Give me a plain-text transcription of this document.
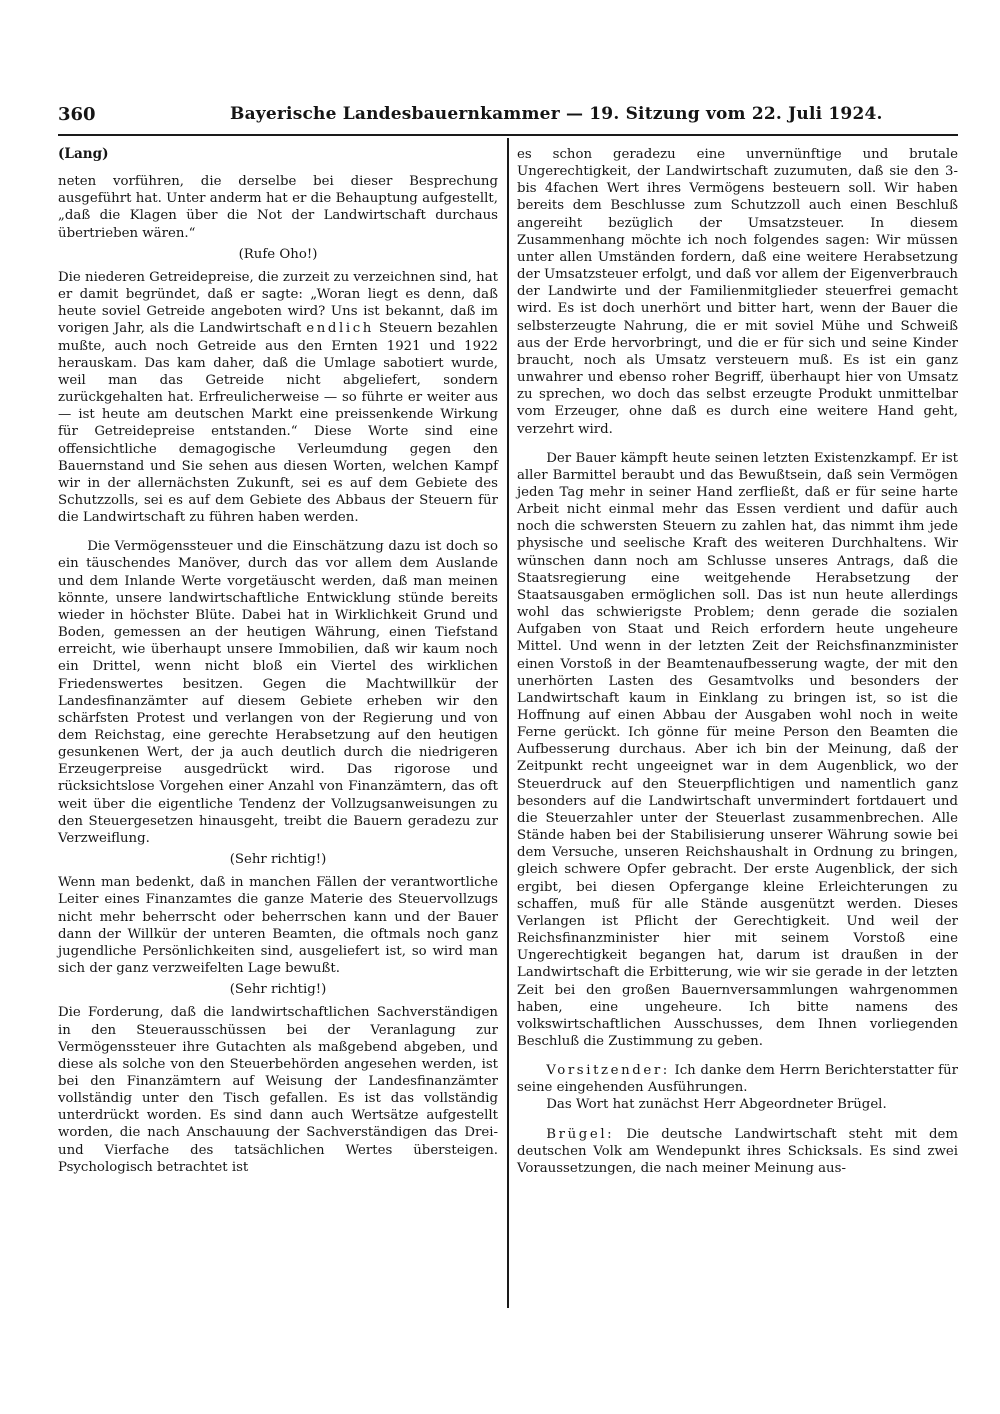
360	Bayerische Landesbauernkammer — 19. Sitzung vom 22. Juli 1924.

(Lang)

neten vorführen, die derselbe bei dieser Besprechung ausgeführt hat. Unter anderm hat er die Behauptung aufgestellt, „daß die Klagen über die Not der Landwirtschaft durchaus übertrieben wären.“

(Rufe Oho!)

Die niederen Getreidepreise, die zurzeit zu verzeichnen sind, hat er damit begründet, daß er sagte: „Woran liegt es denn, daß heute soviel Getreide angeboten wird? Uns ist bekannt, daß im vorigen Jahr, als die Landwirtschaft endlich Steuern bezahlen mußte, auch noch Getreide aus den Ernten 1921 und 1922 herauskam. Das kam daher, daß die Umlage sabotiert wurde, weil man das Getreide nicht abgeliefert, sondern zurückgehalten hat. Erfreulicherweise — so führte er weiter aus — ist heute am deutschen Markt eine preissenkende Wirkung für Getreidepreise entstanden.“ Diese Worte sind eine offensichtliche demagogische Verleumdung gegen den Bauernstand und Sie sehen aus diesen Worten, welchen Kampf wir in der allernächsten Zukunft, sei es auf dem Gebiete des Schutzzolls, sei es auf dem Gebiete des Abbaus der Steuern für die Landwirtschaft zu führen haben werden.

Die Vermögenssteuer und die Einschätzung dazu ist doch so ein täuschendes Manöver, durch das vor allem dem Auslande und dem Inlande Werte vorgetäuscht werden, daß man meinen könnte, unsere landwirtschaftliche Entwicklung stünde bereits wieder in höchster Blüte. Dabei hat in Wirklichkeit Grund und Boden, gemessen an der heutigen Währung, einen Tiefstand erreicht, wie überhaupt unsere Immobilien, daß wir kaum noch ein Drittel, wenn nicht bloß ein Viertel des wirklichen Friedenswertes besitzen. Gegen die Machtwillkür der Landesfinanzämter auf diesem Gebiete erheben wir den schärfsten Protest und verlangen von der Regierung und von dem Reichstag, eine gerechte Herabsetzung auf den heutigen gesunkenen Wert, der ja auch deutlich durch die niedrigeren Erzeugerpreise ausgedrückt wird. Das rigorose und rücksichtslose Vorgehen einer Anzahl von Finanzämtern, das oft weit über die eigentliche Tendenz der Vollzugsanweisungen zu den Steuergesetzen hinausgeht, treibt die Bauern geradezu zur Verzweiflung.

(Sehr richtig!)

Wenn man bedenkt, daß in manchen Fällen der verantwortliche Leiter eines Finanzamtes die ganze Materie des Steuervollzugs nicht mehr beherrscht oder beherrschen kann und der Bauer dann der Willkür der unteren Beamten, die oftmals noch ganz jugendliche Persönlichkeiten sind, ausgeliefert ist, so wird man sich der ganz verzweifelten Lage bewußt.

(Sehr richtig!)

Die Forderung, daß die landwirtschaftlichen Sachverständigen in den Steuerausschüssen bei der Veranlagung zur Vermögenssteuer ihre Gutachten als maßgebend abgeben, und diese als solche von den Steuerbehörden angesehen werden, ist bei den Finanzämtern auf Weisung der Landesfinanzämter vollständig unter den Tisch gefallen. Es ist das vollständig unterdrückt worden. Es sind dann auch Wertsätze aufgestellt worden, die nach Anschauung der Sachverständigen das Drei- und Vierfache des tatsächlichen Wertes übersteigen. Psychologisch betrachtet ist

es schon geradezu eine unvernünftige und brutale Ungerechtigkeit, der Landwirtschaft zuzumuten, daß sie den 3- bis 4fachen Wert ihres Vermögens besteuern soll. Wir haben bereits dem Beschlusse zum Schutzzoll auch einen Beschluß angereiht bezüglich der Umsatzsteuer. In diesem Zusammenhang möchte ich noch folgendes sagen: Wir müssen unter allen Umständen fordern, daß eine weitere Herabsetzung der Umsatzsteuer erfolgt, und daß vor allem der Eigenverbrauch der Landwirte und der Familienmitglieder steuerfrei gemacht wird. Es ist doch unerhört und bitter hart, wenn der Bauer die selbsterzeugte Nahrung, die er mit soviel Mühe und Schweiß aus der Erde hervorbringt, und die er für sich und seine Kinder braucht, noch als Umsatz versteuern muß. Es ist ein ganz unwahrer und ebenso roher Begriff, überhaupt hier von Umsatz zu sprechen, wo doch das selbst erzeugte Produkt unmittelbar vom Erzeuger, ohne daß es durch eine weitere Hand geht, verzehrt wird.

Der Bauer kämpft heute seinen letzten Existenzkampf. Er ist aller Barmittel beraubt und das Bewußtsein, daß sein Vermögen jeden Tag mehr in seiner Hand zerfließt, daß er für seine harte Arbeit nicht einmal mehr das Essen verdient und dafür auch noch die schwersten Steuern zu zahlen hat, das nimmt ihm jede physische und seelische Kraft des weiteren Durchhaltens. Wir wünschen dann noch am Schlusse unseres Antrags, daß die Staatsregierung eine weitgehende Herabsetzung der Staatsausgaben ermöglichen soll. Das ist nun heute allerdings wohl das schwierigste Problem; denn gerade die sozialen Aufgaben von Staat und Reich erfordern heute ungeheure Mittel. Und wenn in der letzten Zeit der Reichsfinanzminister einen Vorstoß in der Beamtenaufbesserung wagte, der mit den unerhörten Lasten des Gesamtvolks und besonders der Landwirtschaft kaum in Einklang zu bringen ist, so ist die Hoffnung auf einen Abbau der Ausgaben wohl noch in weite Ferne gerückt. Ich gönne für meine Person den Beamten die Aufbesserung durchaus. Aber ich bin der Meinung, daß der Zeitpunkt recht ungeeignet war in dem Augenblick, wo der Steuerdruck auf den Steuerpflichtigen und namentlich ganz besonders auf die Landwirtschaft unvermindert fortdauert und die Steuerzahler unter der Steuerlast zusammenbrechen. Alle Stände haben bei der Stabilisierung unserer Währung sowie bei dem Versuche, unseren Reichshaushalt in Ordnung zu bringen, gleich schwere Opfer gebracht. Der erste Augenblick, der sich ergibt, bei diesen Opfergange kleine Erleichterungen zu schaffen, muß für alle Stände ausgenützt werden. Dieses Verlangen ist Pflicht der Gerechtigkeit. Und weil der Reichsfinanzminister hier mit seinem Vorstoß eine Ungerechtigkeit begangen hat, darum ist draußen in der Landwirtschaft die Erbitterung, wie wir sie gerade in der letzten Zeit bei den großen Bauernversammlungen wahrgenommen haben, eine ungeheure. Ich bitte namens des volkswirtschaftlichen Ausschusses, dem Ihnen vorliegenden Beschluß die Zustimmung zu geben.

Vorsitzender: Ich danke dem Herrn Berichterstatter für seine eingehenden Ausführungen.

Das Wort hat zunächst Herr Abgeordneter Brügel.

Brügel: Die deutsche Landwirtschaft steht mit dem deutschen Volk am Wendepunkt ihres Schicksals. Es sind zwei Voraussetzungen, die nach meiner Meinung aus-
